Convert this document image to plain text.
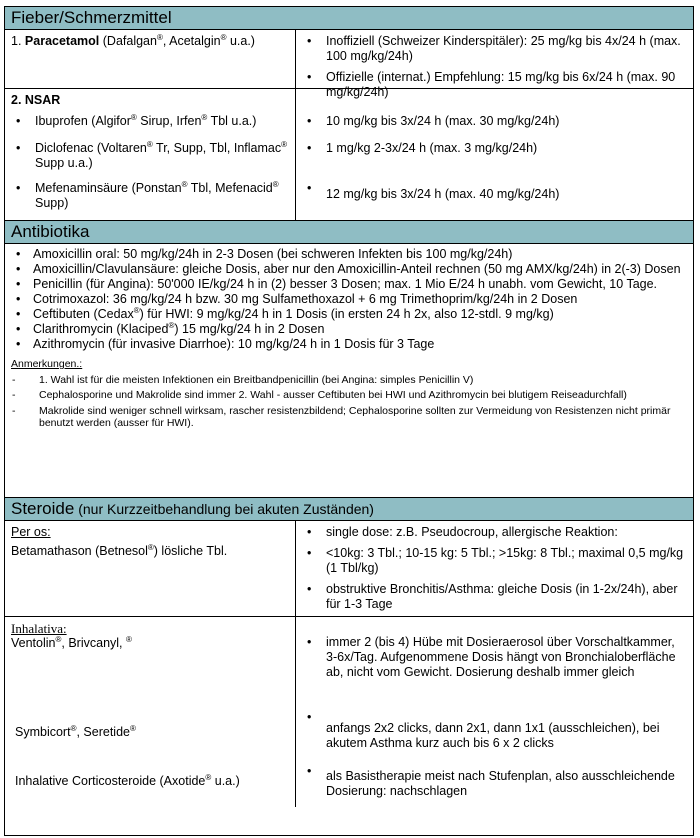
Fieber/Schmerzmittel
1. Paracetamol (Dafalgan®, Acetalgin® u.a.)
•	Inoffiziell (Schweizer Kinderspitäler): 25 mg/kg bis 4x/24 h (max. 100 mg/kg/24h)
• Offizielle (internat.) Empfehlung: 15 mg/kg bis 6x/24 h (max. 90 mg/kg/24h)
2. NSAR
• Ibuprofen (Algifor® Sirup, Irfen® Tbl u.a.)
• Diclofenac (Voltaren® Tr, Supp, Tbl, Inflamac® Supp u.a.)
• Mefenaminsäure (Ponstan® Tbl, Mefenacid® Supp)
• 10 mg/kg bis 3x/24 h (max. 30 mg/kg/24h)
• 1 mg/kg 2-3x/24 h (max. 3 mg/kg/24h)
• 12 mg/kg bis 3x/24 h (max. 40 mg/kg/24h)
Antibiotika
• Amoxicillin oral: 50 mg/kg/24h in 2-3 Dosen (bei schweren Infekten bis 100 mg/kg/24h)
• Amoxicillin/Clavulansäure: gleiche Dosis, aber nur den Amoxicillin-Anteil rechnen (50 mg AMX/kg/24h) in 2(-3) Dosen
• Penicillin (für Angina): 50'000 IE/kg/24 h in (2) besser 3 Dosen; max. 1 Mio E/24 h unabh. vom Gewicht, 10 Tage.
• Cotrimoxazol: 36 mg/kg/24 h bzw. 30 mg Sulfamethoxazol + 6 mg Trimethoprim/kg/24h in 2 Dosen
• Ceftibuten (Cedax®) für HWI: 9 mg/kg/24 h in 1 Dosis (in ersten 24 h 2x, also 12-stdl. 9 mg/kg)
• Clarithromycin (Klaciped®) 15 mg/kg/24 h in 2 Dosen
• Azithromycin (für invasive Diarrhoe): 10 mg/kg/24 h in 1 Dosis für 3 Tage
Anmerkungen.:
- 1. Wahl ist für die meisten Infektionen ein Breitbandpenicillin (bei Angina: simples Penicillin V)
- Cephalosporine und Makrolide sind immer 2. Wahl - ausser Ceftibuten bei HWI und Azithromycin bei blutigem Reiseadurchfall)
- Makrolide sind weniger schnell wirksam, rascher resistenzbildend; Cephalosporine sollten zur Vermeidung von Resistenzen nicht primär benutzt werden (ausser für HWI).
Steroide (nur Kurzzeitbehandlung bei akuten Zuständen)
Per os:
Betamathason (Betnesol®) lösliche Tbl.
• single dose: z.B. Pseudocroup, allergische Reaktion:
• <10kg: 3 Tbl.; 10-15 kg: 5 Tbl.; >15kg: 8 Tbl.; maximal 0,5 mg/kg (1 Tbl/kg)
• obstruktive Bronchitis/Asthma: gleiche Dosis (in 1-2x/24h), aber für 1-3 Tage
Inhalativa:
Ventolin®, Brivcanyl, ®
Symbicort®, Seretide®
Inhalative Corticosteroide (Axotide® u.a.)
• immer 2 (bis 4) Hübe mit Dosieraerosol über Vorschaltkammer, 3-6x/Tag. Aufgenommene Dosis hängt von Bronchialoberfläche ab, nicht vom Gewicht. Dosierung deshalb immer gleich
• anfangs 2x2 clicks, dann 2x1, dann 1x1 (ausschleichen), bei akutem Asthma kurz auch bis 6 x 2 clicks
• als Basistherapie meist nach Stufenplan, also ausschleichende Dosierung: nachschlagen
